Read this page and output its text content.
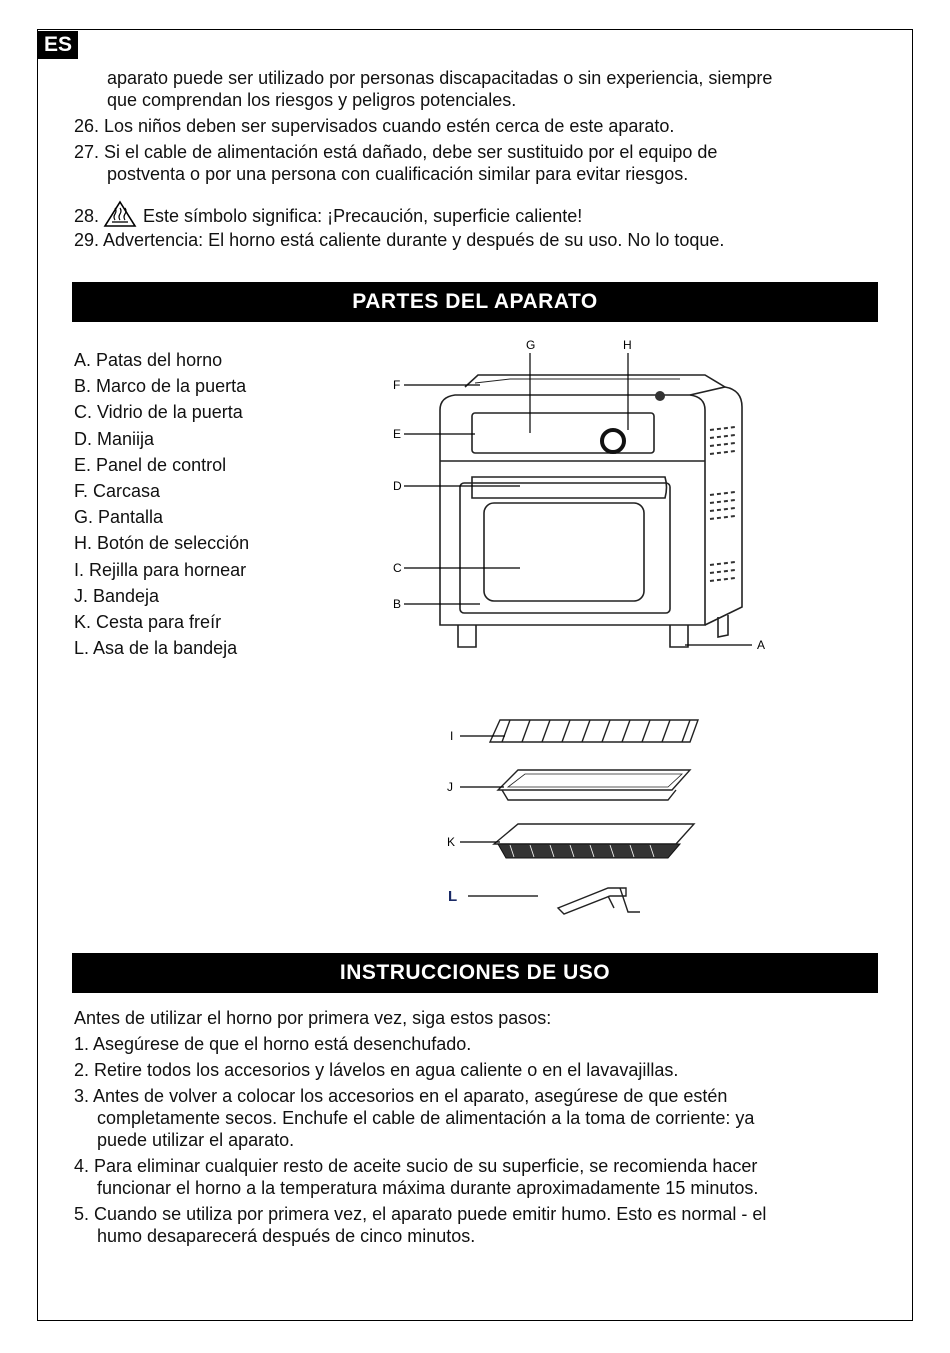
ES
aparato puede ser utilizado por personas discapacitadas o sin experiencia, siempre
que comprendan los riesgos y peligros potenciales.
26. Los niños deben ser supervisados cuando estén cerca de este aparato.
27. Si el cable de alimentación está dañado, debe ser sustituido por el equipo de
postventa o por una persona con cualificación similar para evitar riesgos.
28. Este símbolo significa: ¡Precaución, superficie caliente!
29. Advertencia: El horno está caliente durante y después de su uso. No lo toque.
PARTES DEL APARATO
A. Patas del horno
B. Marco de la puerta
C. Vidrio de la puerta
D. Maniija
E. Panel de control
F. Carcasa
G. Pantalla
H. Botón de selección
I. Rejilla para hornear
J. Bandeja
K. Cesta para freír
L. Asa de la bandeja
G	H
F
E
D
C
B
A
I
J
K
L
INSTRUCCIONES DE USO
Antes de utilizar el horno por primera vez, siga estos pasos:
1. Asegúrese de que el horno está desenchufado.
2. Retire todos los accesorios y lávelos en agua caliente o en el lavavajillas.
3. Antes de volver a colocar los accesorios en el aparato, asegúrese de que estén
completamente secos. Enchufe el cable de alimentación a la toma de corriente: ya
puede utilizar el aparato.
4. Para eliminar cualquier resto de aceite sucio de su superficie, se recomienda hacer
funcionar el horno a la temperatura máxima durante aproximadamente 15 minutos.
5. Cuando se utiliza por primera vez, el aparato puede emitir humo. Esto es normal - el
humo desaparecerá después de cinco minutos.
